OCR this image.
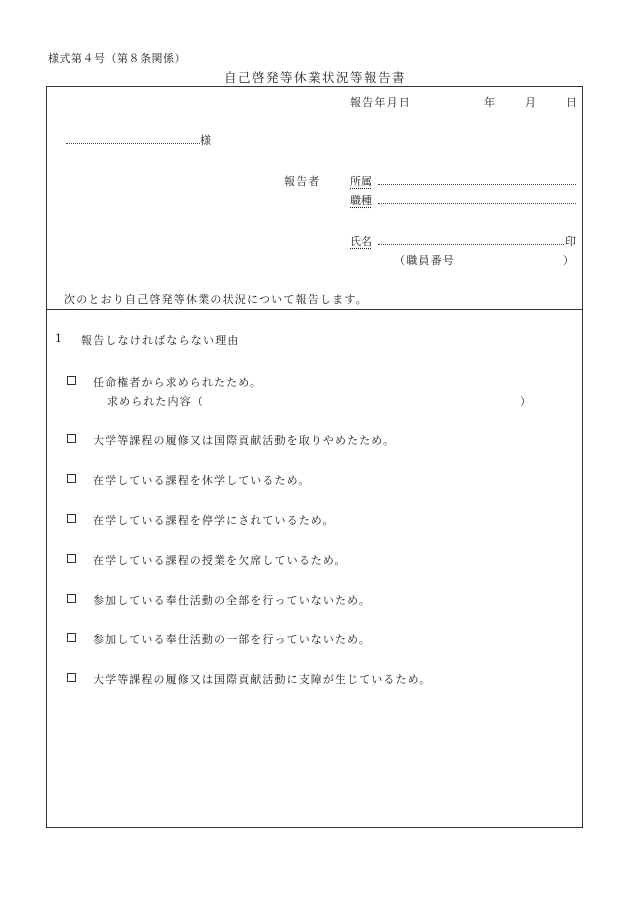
様式第４号（第８条関係）
自己啓発等休業状況等報告書
報告年月日	年	月	日
様
報告者	所属
職種
氏名	印
（職員番号	）
次のとおり自己啓発等休業の状況について報告します。
1 報告しなければならない理由
任命権者から求められたため。
求められた内容（	）
大学等課程の履修又は国際貢献活動を取りやめたため。
在学している課程を休学しているため。
在学している課程を停学にされているため。
在学している課程の授業を欠席しているため。
参加している奉仕活動の全部を行っていないため。
参加している奉仕活動の一部を行っていないため。
大学等課程の履修又は国際貢献活動に支障が生じているため。
